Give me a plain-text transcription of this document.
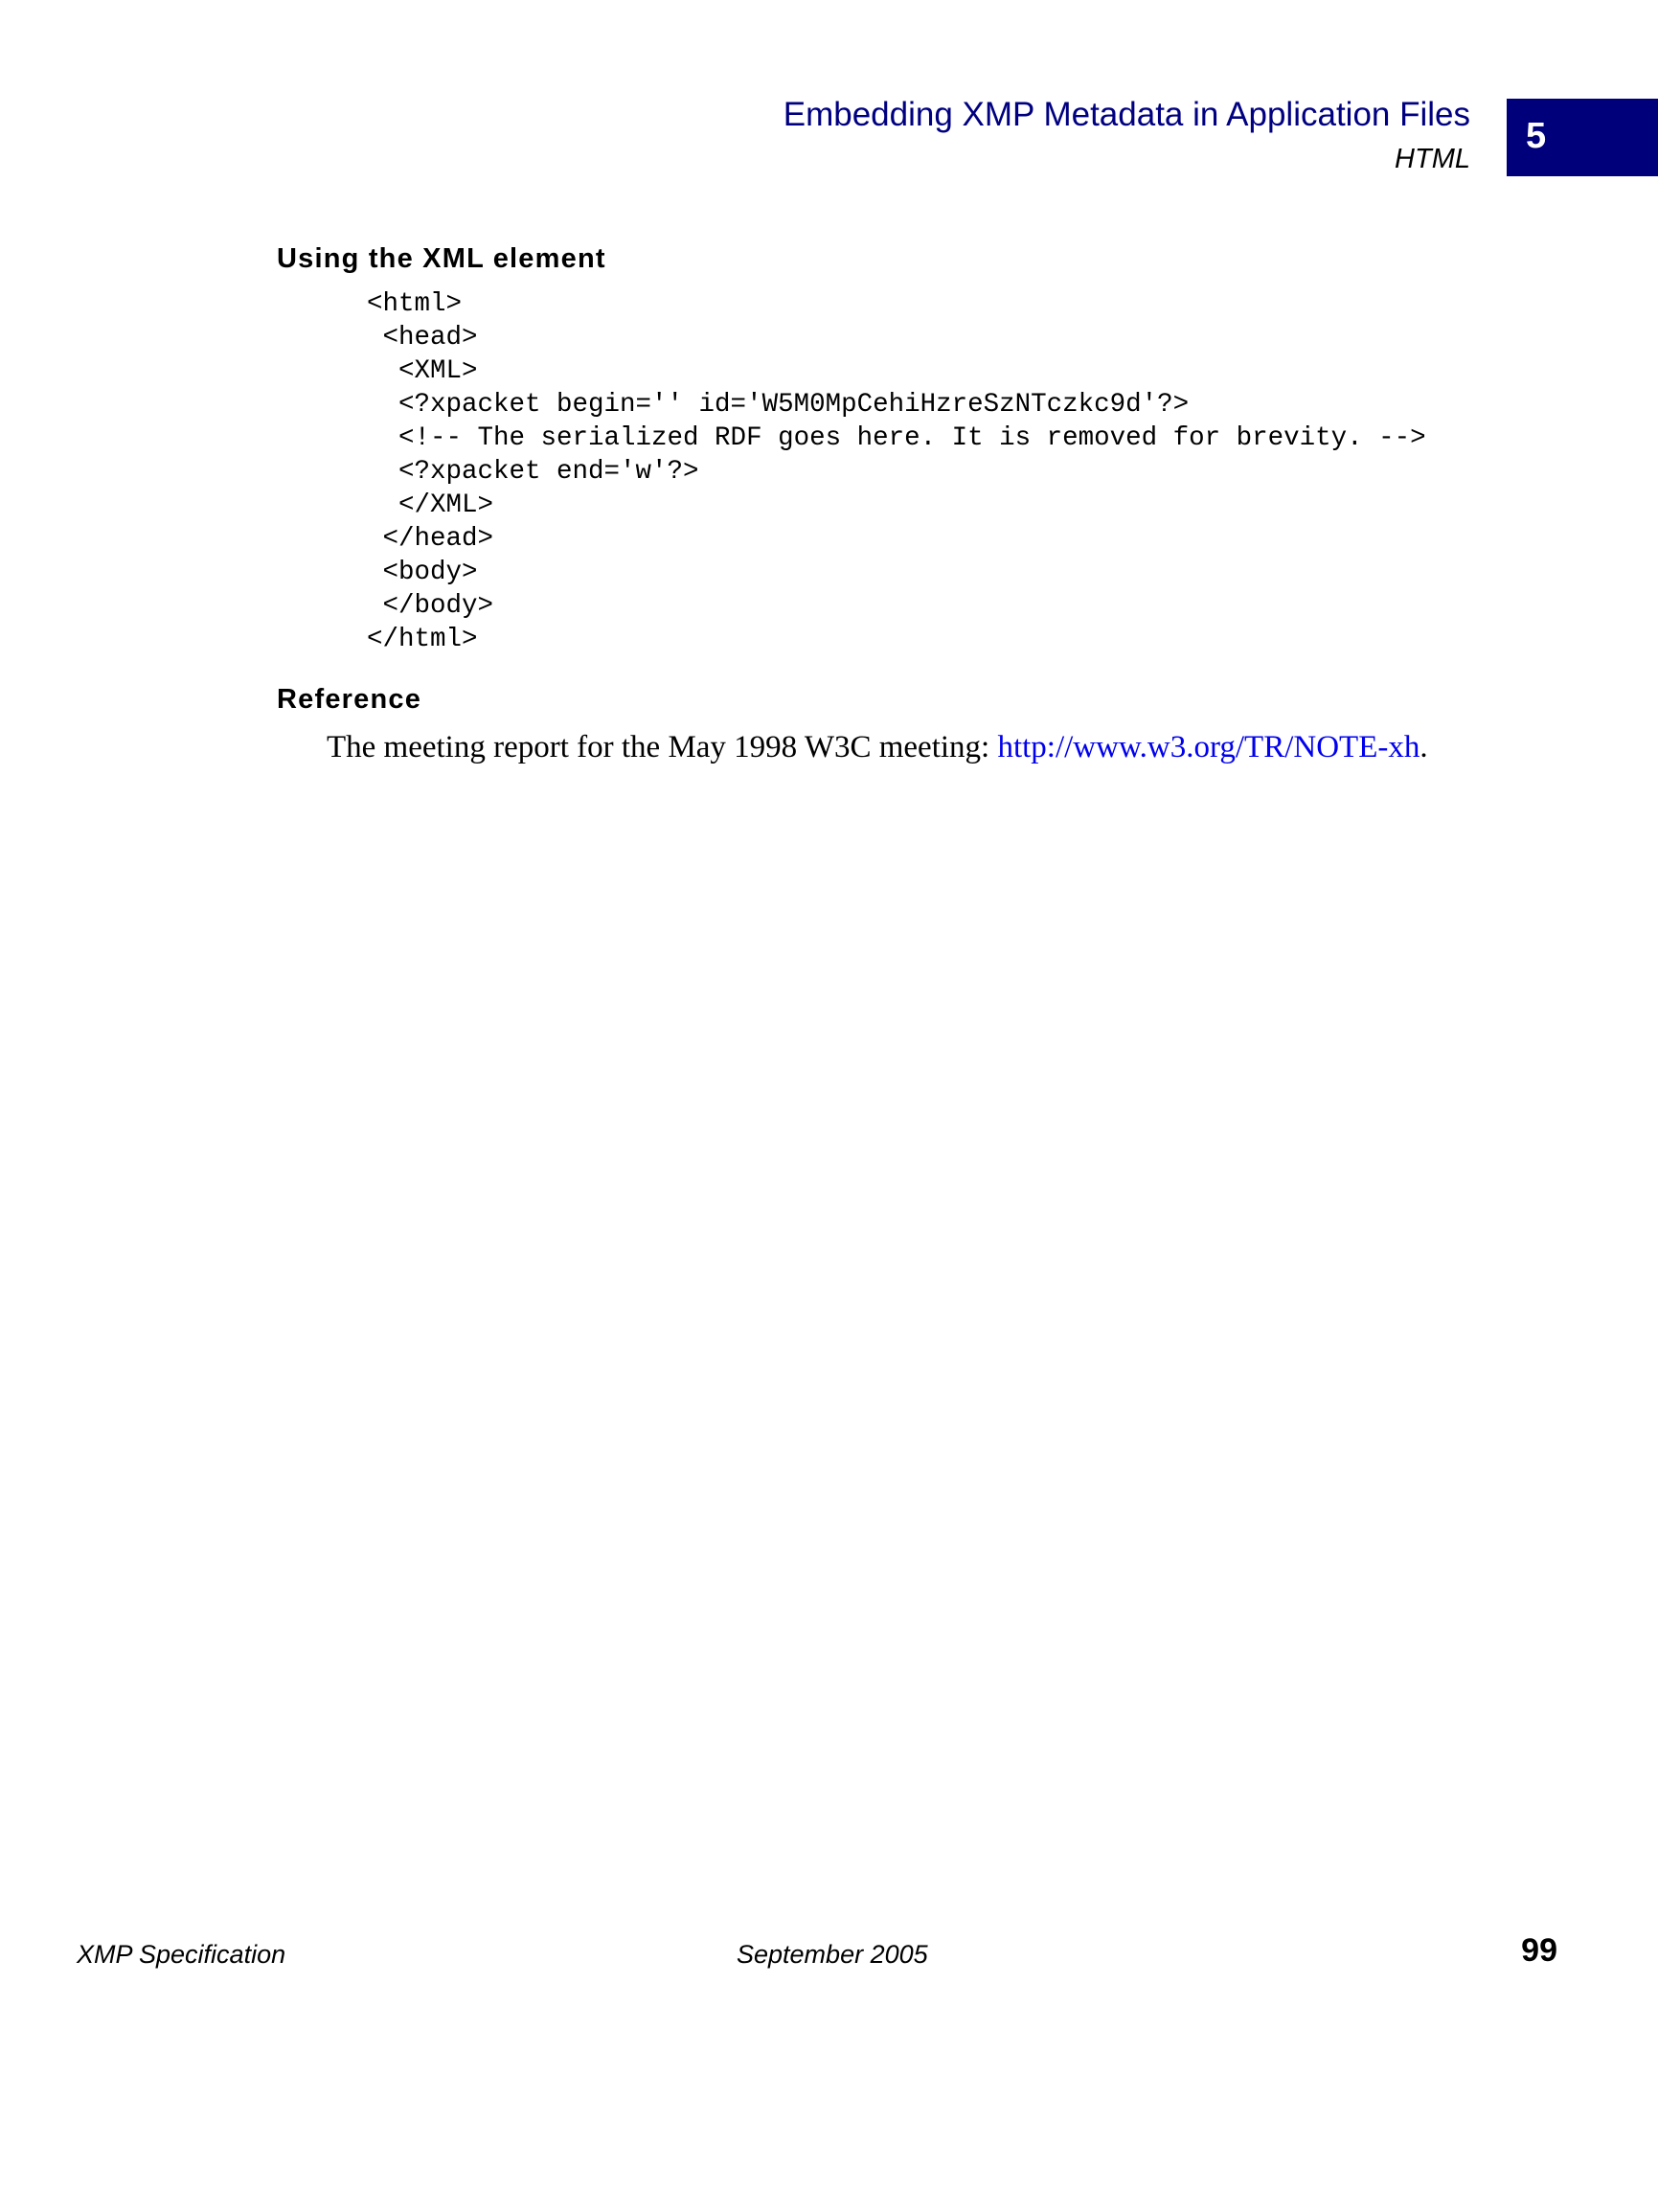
Embedding XMP Metadata in Application Files
HTML
5
Using the XML element
<html>
<head>
<XML>
<?xpacket begin='' id='W5M0MpCehiHzreSzNTczkc9d'?>
<!-- The serialized RDF goes here. It is removed for brevity. -->
<?xpacket end='w'?>
</XML>
</head>
<body>
</body>
</html>
Reference
The meeting report for the May 1998 W3C meeting: http://www.w3.org/TR/NOTE-xh.
XMP Specification	September 2005	99
